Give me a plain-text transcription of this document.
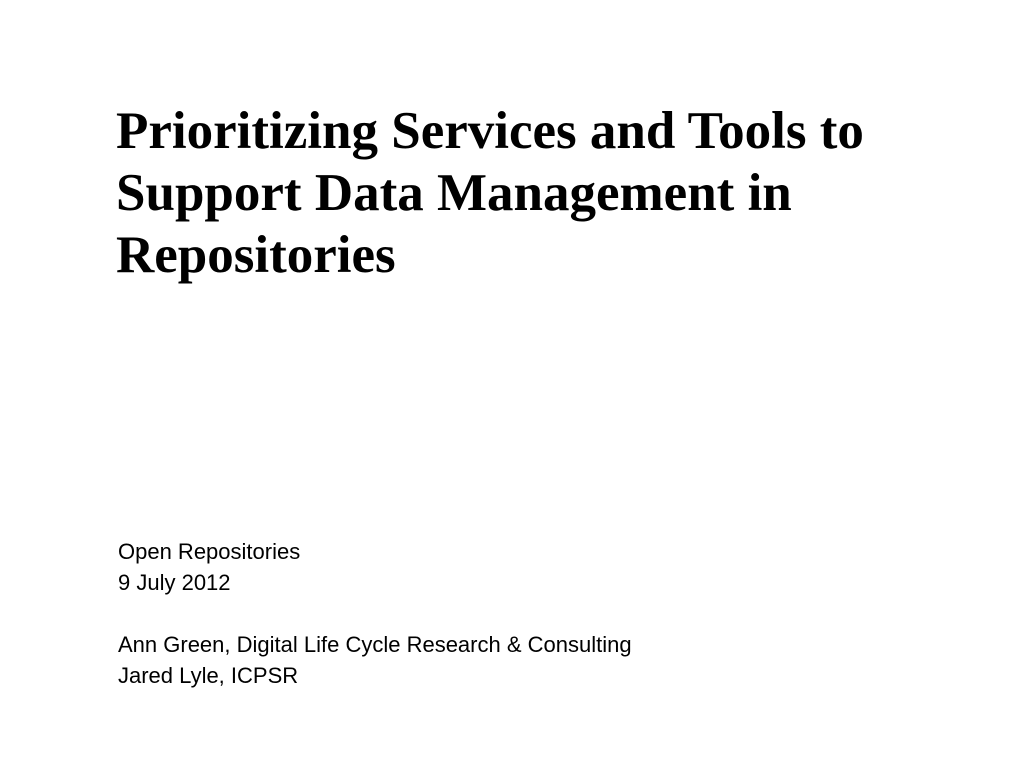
Prioritizing Services and Tools to
Support Data Management in
Repositories
Open Repositories
9 July 2012
Ann Green, Digital Life Cycle Research & Consulting
Jared Lyle, ICPSR
